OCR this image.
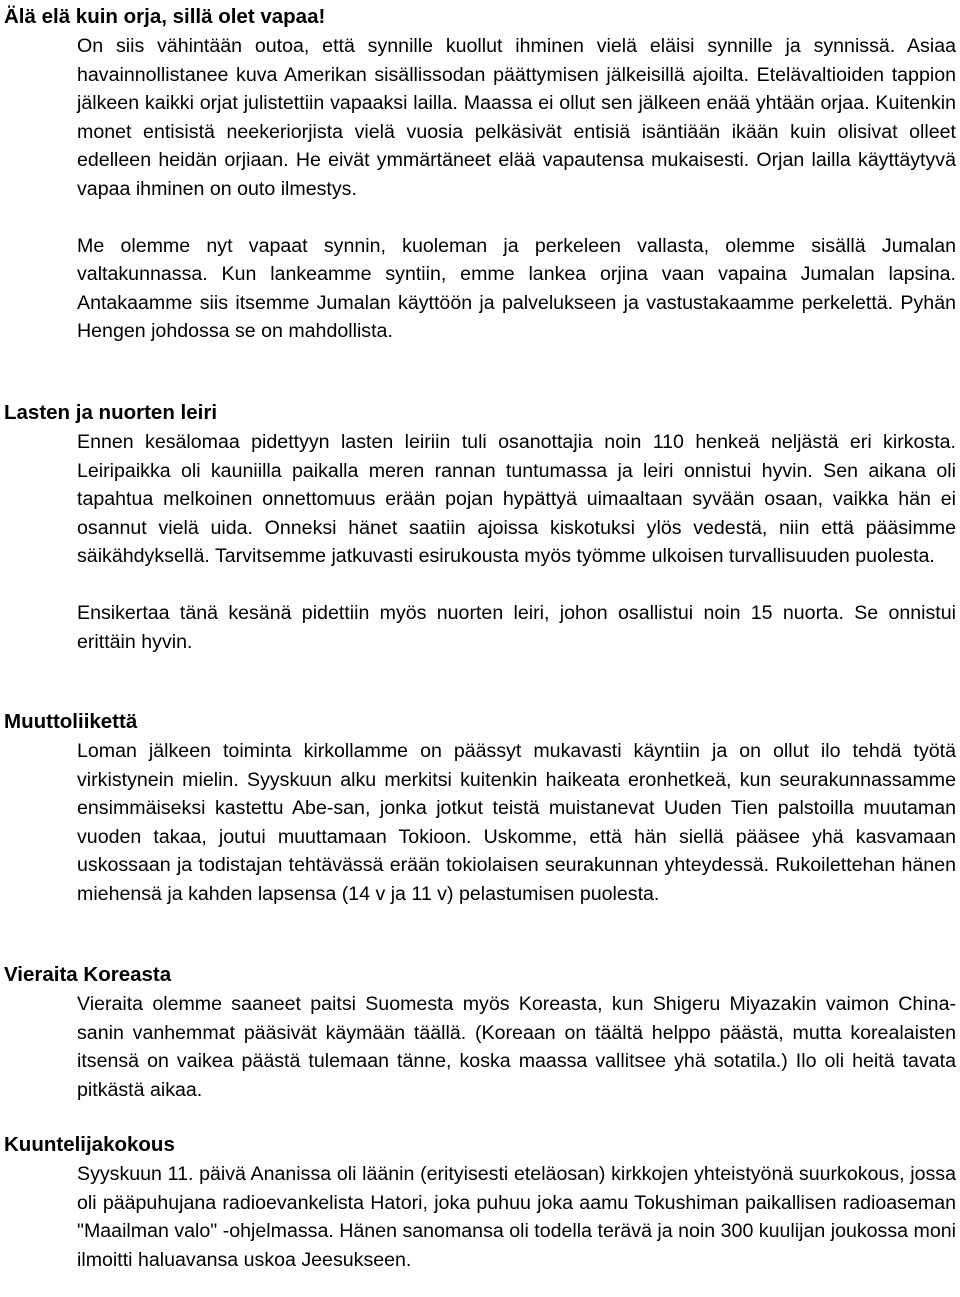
Älä elä kuin orja, sillä olet vapaa!

On siis vähintään outoa, että synnille kuollut ihminen vielä eläisi synnille ja synnissä. Asiaa havainnollistanee kuva Amerikan sisällissodan päättymisen jälkeisillä ajoilta. Etelävaltioiden tappion jälkeen kaikki orjat julistettiin vapaaksi lailla. Maassa ei ollut sen jälkeen enää yhtään orjaa. Kuitenkin monet entisistä neekeriorjista vielä vuosia pelkäsivät entisiä isäntiään ikään kuin olisivat olleet edelleen heidän orjiaan. He eivät ymmärtäneet elää vapautensa mukaisesti. Orjan lailla käyttäytyvä vapaa ihminen on outo ilmestys.

Me olemme nyt vapaat synnin, kuoleman ja perkeleen vallasta, olemme sisällä Jumalan valtakunnassa. Kun lankeamme syntiin, emme lankea orjina vaan vapaina Jumalan lapsina. Antakaamme siis itsemme Jumalan käyttöön ja palvelukseen ja vastustakaamme perkelettä. Pyhän Hengen johdossa se on mahdollista.

Lasten ja nuorten leiri

Ennen kesälomaa pidettyyn lasten leiriin tuli osanottajia noin 110 henkeä neljästä eri kirkosta. Leiripaikka oli kauniilla paikalla meren rannan tuntumassa ja leiri onnistui hyvin. Sen aikana oli tapahtua melkoinen onnettomuus erään pojan hypättyä uimaaltaan syvään osaan, vaikka hän ei osannut vielä uida. Onneksi hänet saatiin ajoissa kiskotuksi ylös vedestä, niin että pääsimme säikähdyksellä. Tarvitsemme jatkuvasti esirukousta myös työmme ulkoisen turvallisuuden puolesta.

Ensikertaa tänä kesänä pidettiin myös nuorten leiri, johon osallistui noin 15 nuorta. Se onnistui erittäin hyvin.

Muuttoliikettä

Loman jälkeen toiminta kirkollamme on päässyt mukavasti käyntiin ja on ollut ilo tehdä työtä virkistynein mielin. Syyskuun alku merkitsi kuitenkin haikeata eronhetkeä, kun seurakunnassamme ensimmäiseksi kastettu Abe-san, jonka jotkut teistä muistanevat Uuden Tien palstoilla muutaman vuoden takaa, joutui muuttamaan Tokioon. Uskomme, että hän siellä pääsee yhä kasvamaan uskossaan ja todistajan tehtävässä erään tokiolaisen seurakunnan yhteydessä. Rukoilettehan hänen miehensä ja kahden lapsensa (14 v ja 11 v) pelastumisen puolesta.

Vieraita Koreasta

Vieraita olemme saaneet paitsi Suomesta myös Koreasta, kun Shigeru Miyazakin vaimon China-sanin vanhemmat pääsivät käymään täällä. (Koreaan on täältä helppo päästä, mutta korealaisten itsensä on vaikea päästä tulemaan tänne, koska maassa vallitsee yhä sotatila.) Ilo oli heitä tavata pitkästä aikaa.

Kuuntelijakokous

Syyskuun 11. päivä Ananissa oli läänin (erityisesti eteläosan) kirkkojen yhteistyönä suurkokous, jossa oli pääpuhujana radioevankelista Hatori, joka puhuu joka aamu Tokushiman paikallisen radioaseman "Maailman valo" -ohjelmassa. Hänen sanomansa oli todella terävä ja noin 300 kuulijan joukossa moni ilmoitti haluavansa uskoa Jeesukseen.
